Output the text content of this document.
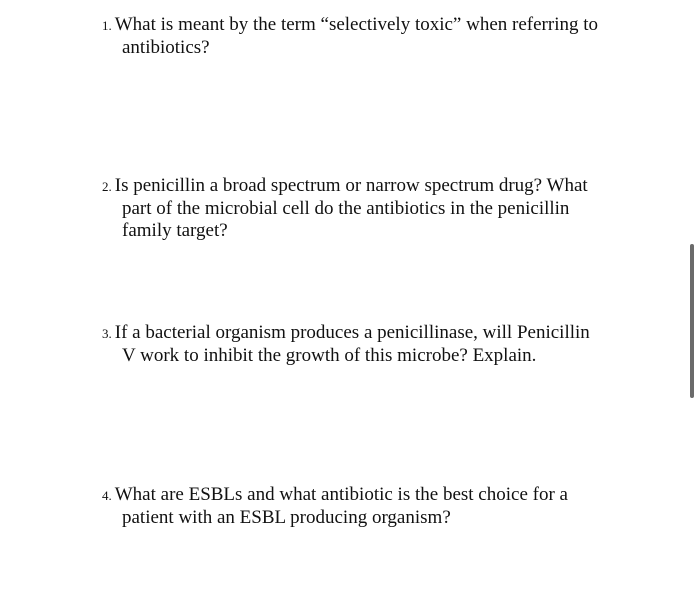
1. What is meant by the term “selectively toxic” when referring to
antibiotics?
2. Is penicillin a broad spectrum or narrow spectrum drug? What
part of the microbial cell do the antibiotics in the penicillin
family target?
3. If a bacterial organism produces a penicillinase, will Penicillin
V work to inhibit the growth of this microbe? Explain.
4. What are ESBLs and what antibiotic is the best choice for a
patient with an ESBL producing organism?
